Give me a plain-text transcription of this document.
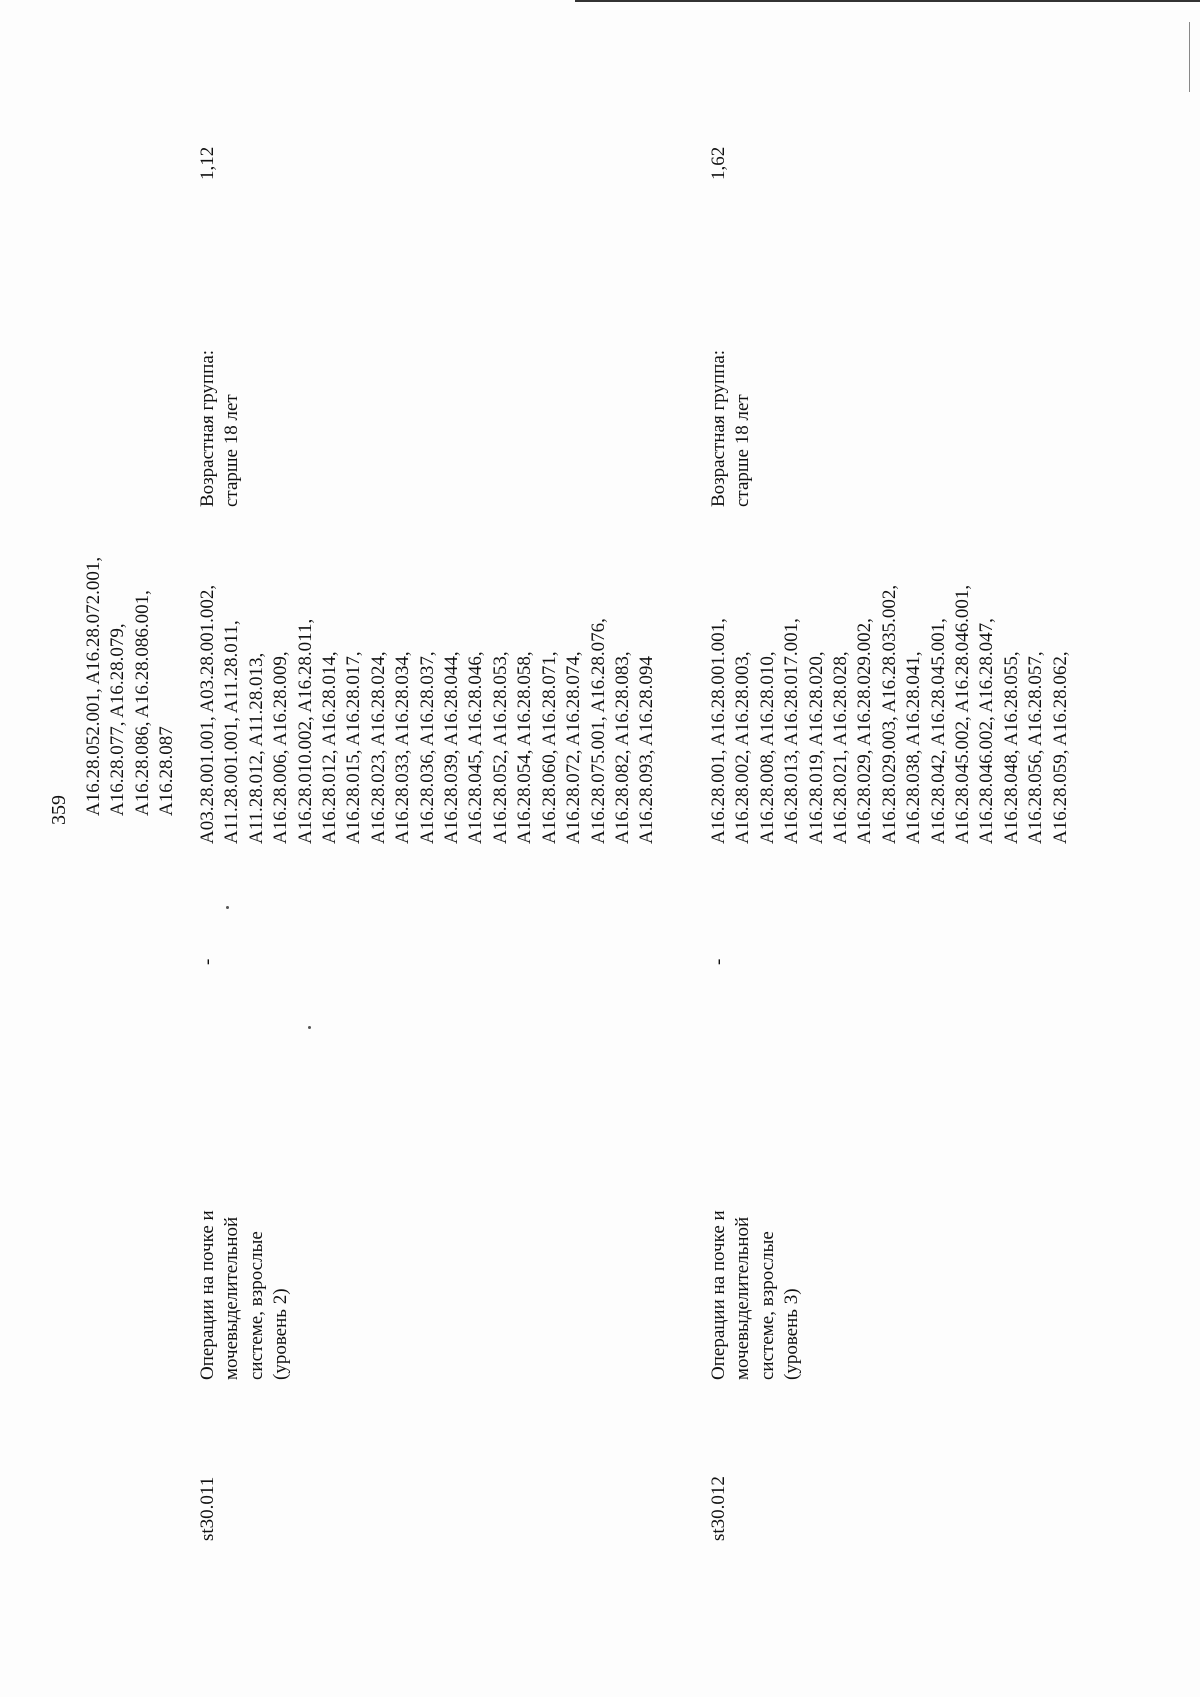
359 A16.28.052.001, A16.28.072.001, A16.28.077, A16.28.079, A16.28.086, A16.28.086.001, A16.28.087
st30.011
Операции на почке и мочевыделительной системе, взрослые (уровень 2)
-
A03.28.001.001, A03.28.001.002, A11.28.001.001, A11.28.011, A11.28.012, A11.28.013, A16.28.006, A16.28.009, A16.28.010.002, A16.28.011, A16.28.012, A16.28.014, A16.28.015, A16.28.017, A16.28.023, A16.28.024, A16.28.033, A16.28.034, A16.28.036, A16.28.037, A16.28.039, A16.28.044, A16.28.045, A16.28.046, A16.28.052, A16.28.053, A16.28.054, A16.28.058, A16.28.060, A16.28.071, A16.28.072, A16.28.074, A16.28.075.001, A16.28.076, A16.28.082, A16.28.083, A16.28.093, A16.28.094
Возрастная группа: старше 18 лет
1,12
st30.012
Операции на почке и мочевыделительной системе, взрослые (уровень 3)
-
A16.28.001, A16.28.001.001, A16.28.002, A16.28.003, A16.28.008, A16.28.010, A16.28.013, A16.28.017.001, A16.28.019, A16.28.020, A16.28.021, A16.28.028, A16.28.029, A16.28.029.002, A16.28.029.003, A16.28.035.002, A16.28.038, A16.28.041, A16.28.042, A16.28.045.001, A16.28.045.002, A16.28.046.001, A16.28.046.002, A16.28.047, A16.28.048, A16.28.055, A16.28.056, A16.28.057, A16.28.059, A16.28.062,
Возрастная группа: старше 18 лет
1,62
